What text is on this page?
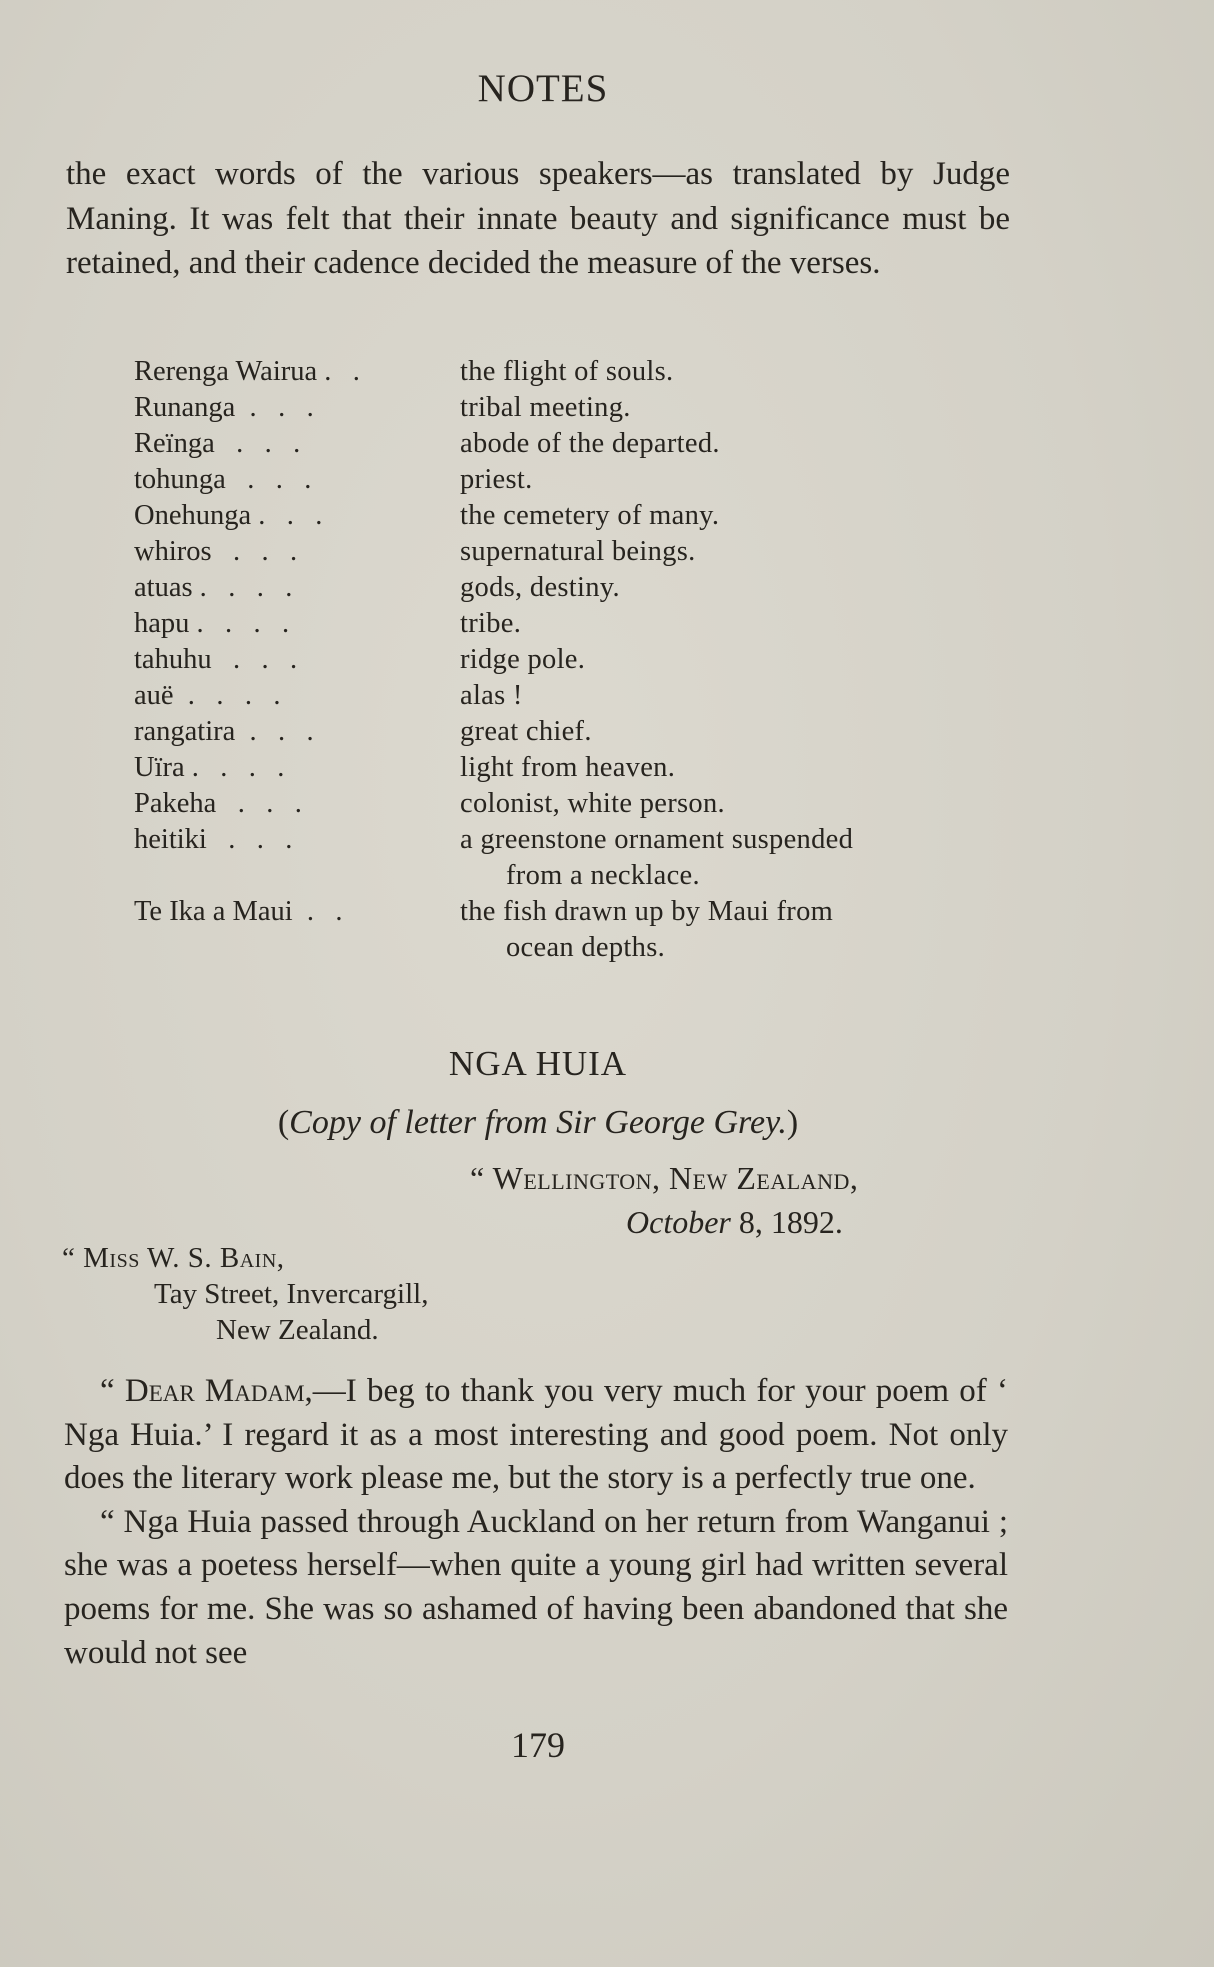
NOTES
the exact words of the various speakers—as translated by Judge Maning. It was felt that their innate beauty and significance must be retained, and their cadence decided the measure of the verses.
Rerenga Wairua .   .	the flight of souls.
Runanga  .   .   .	tribal meeting.
Reïnga   .   .   .	abode of the departed.
tohunga   .   .   .	priest.
Onehunga .   .   .	the cemetery of many.
whiros   .   .   .	supernatural beings.
atuas .   .   .   .	gods, destiny.
hapu .   .   .   .	tribe.
tahuhu   .   .   .	ridge pole.
auë  .   .   .   .	alas !
rangatira  .   .   .	great chief.
Uïra .   .   .   .	light from heaven.
Pakeha   .   .   .	colonist, white person.
heitiki   .   .   .	a greenstone ornament suspended
from a necklace.
Te Ika a Maui  .   .	the fish drawn up by Maui from
ocean depths.
NGA HUIA
(Copy of letter from Sir George Grey.)
“ Wellington, New Zealand,
October 8, 1892.
“ Miss W. S. Bain,
Tay Street, Invercargill,
New Zealand.

“ Dear Madam,—I beg to thank you very much for your poem of ‘ Nga Huia.’ I regard it as a most interesting and good poem. Not only does the literary work please me, but the story is a perfectly true one.

“ Nga Huia passed through Auckland on her return from Wanganui ; she was a poetess herself—when quite a young girl had written several poems for me. She was so ashamed of having been abandoned that she would not see

179
